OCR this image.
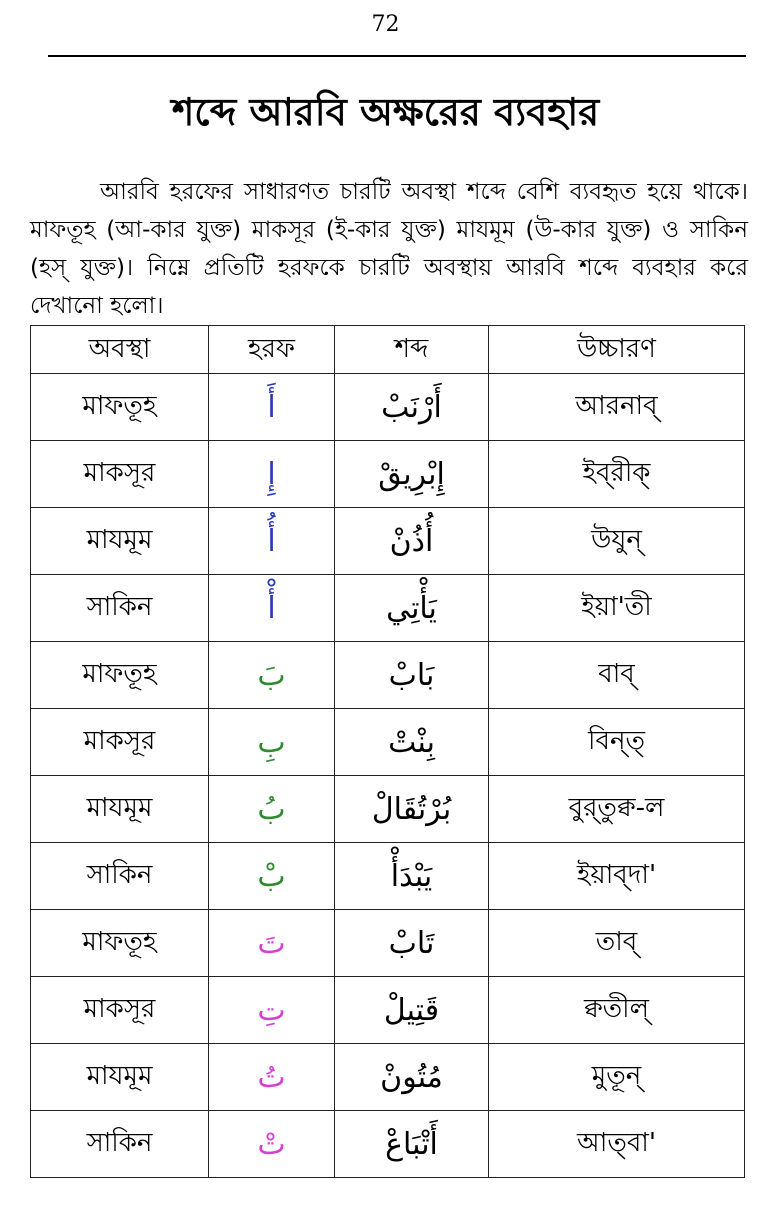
72
শব্দে আরবি অক্ষরের ব্যবহার

আরবি হরফের সাধারণত চারটি অবস্থা শব্দে বেশি ব্যবহৃত হয়ে থাকে। মাফতূহ (আ-কার যুক্ত) মাকসূর (ই-কার যুক্ত) মাযমূম (উ-কার যুক্ত) ও সাকিন (হস্ যুক্ত)। নিম্নে প্রতিটি হরফকে চারটি অবস্থায় আরবি শব্দে ব্যবহার করে দেখানো হলো।

অবস্থা	হরফ	শব্দ	উচ্চারণ
মাফতূহ	أَ	أَرْنَبْ	আরনাব্
মাকসূর	إِ	إِبْرِيقْ	ইব্‌রীক্
মাযমূম	أُ	أُذُنْ	উযুন্
সাকিন	أْ	يَأْتِي	ইয়া'তী
মাফতূহ	بَ	بَابْ	বাব্
মাকসূর	بِ	بِنْتْ	বিন্‌ত্
মাযমূম	بُ	بُرْتُقَالْ	বুর্‌তুক্ব-ল
সাকিন	بْ	يَبْدَأْ	ইয়াব্‌দা'
মাফতূহ	تَ	تَابْ	তাব্
মাকসূর	تِ	قَتِيلْ	ক্বতীল্
মাযমূম	تُ	مُتُونْ	মুতূন্
সাকিন	تْ	أَتْبَاعْ	আত্‌বা'
